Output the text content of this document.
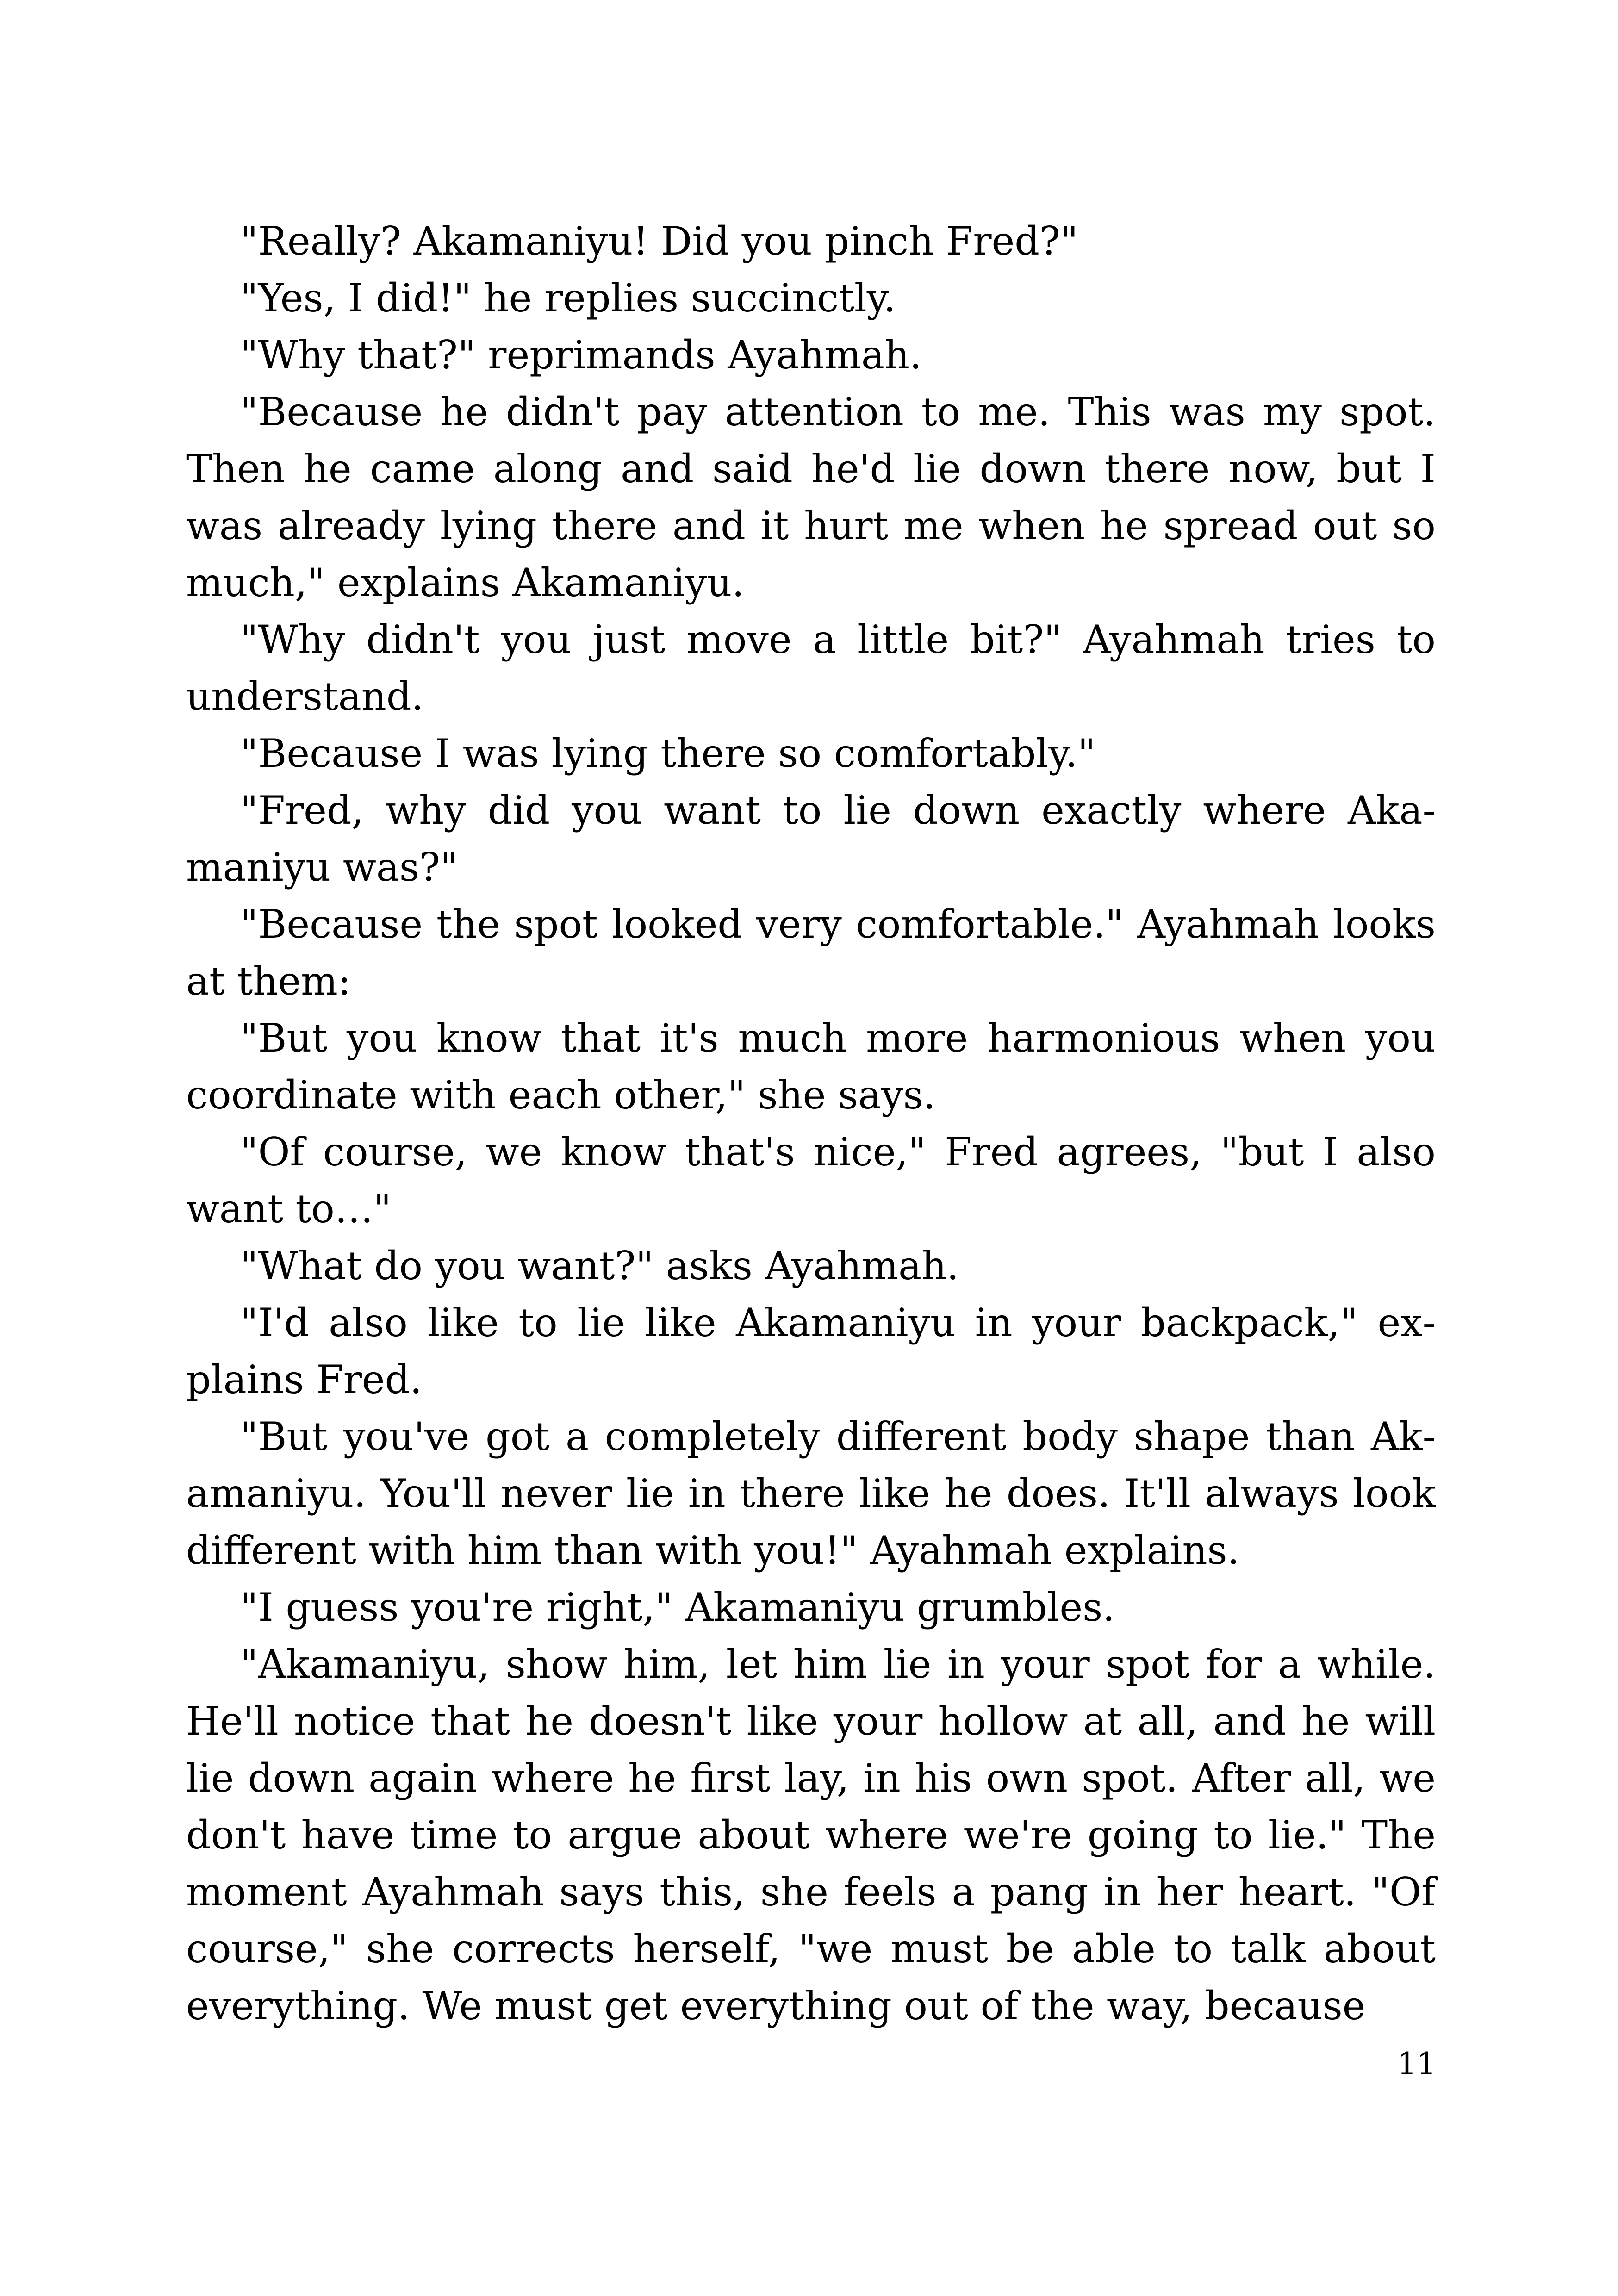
"Really? Akamaniyu! Did you pinch Fred?"

"Yes, I did!" he replies succinctly.

"Why that?" reprimands Ayahmah.

"Because he didn't pay attention to me. This was my spot. Then he came along and said he'd lie down there now, but I was already lying there and it hurt me when he spread out so much," explains Akamaniyu.

"Why didn't you just move a little bit?" Ayahmah tries to understand.

"Because I was lying there so comfortably."

"Fred, why did you want to lie down exactly where Akamaniyu was?"

"Because the spot looked very comfortable." Ayahmah looks at them:

"But you know that it's much more harmonious when you coordinate with each other," she says.

"Of course, we know that's nice," Fred agrees, "but I also want to…"

"What do you want?" asks Ayahmah.

"I'd also like to lie like Akamaniyu in your backpack," explains Fred.

"But you've got a completely different body shape than Akamaniyu. You'll never lie in there like he does. It'll always look different with him than with you!" Ayahmah explains.

"I guess you're right," Akamaniyu grumbles.

"Akamaniyu, show him, let him lie in your spot for a while. He'll notice that he doesn't like your hollow at all, and he will lie down again where he first lay, in his own spot. After all, we don't have time to argue about where we're going to lie." The moment Ayahmah says this, she feels a pang in her heart. "Of course," she corrects herself, "we must be able to talk about everything. We must get everything out of the way, because

11
